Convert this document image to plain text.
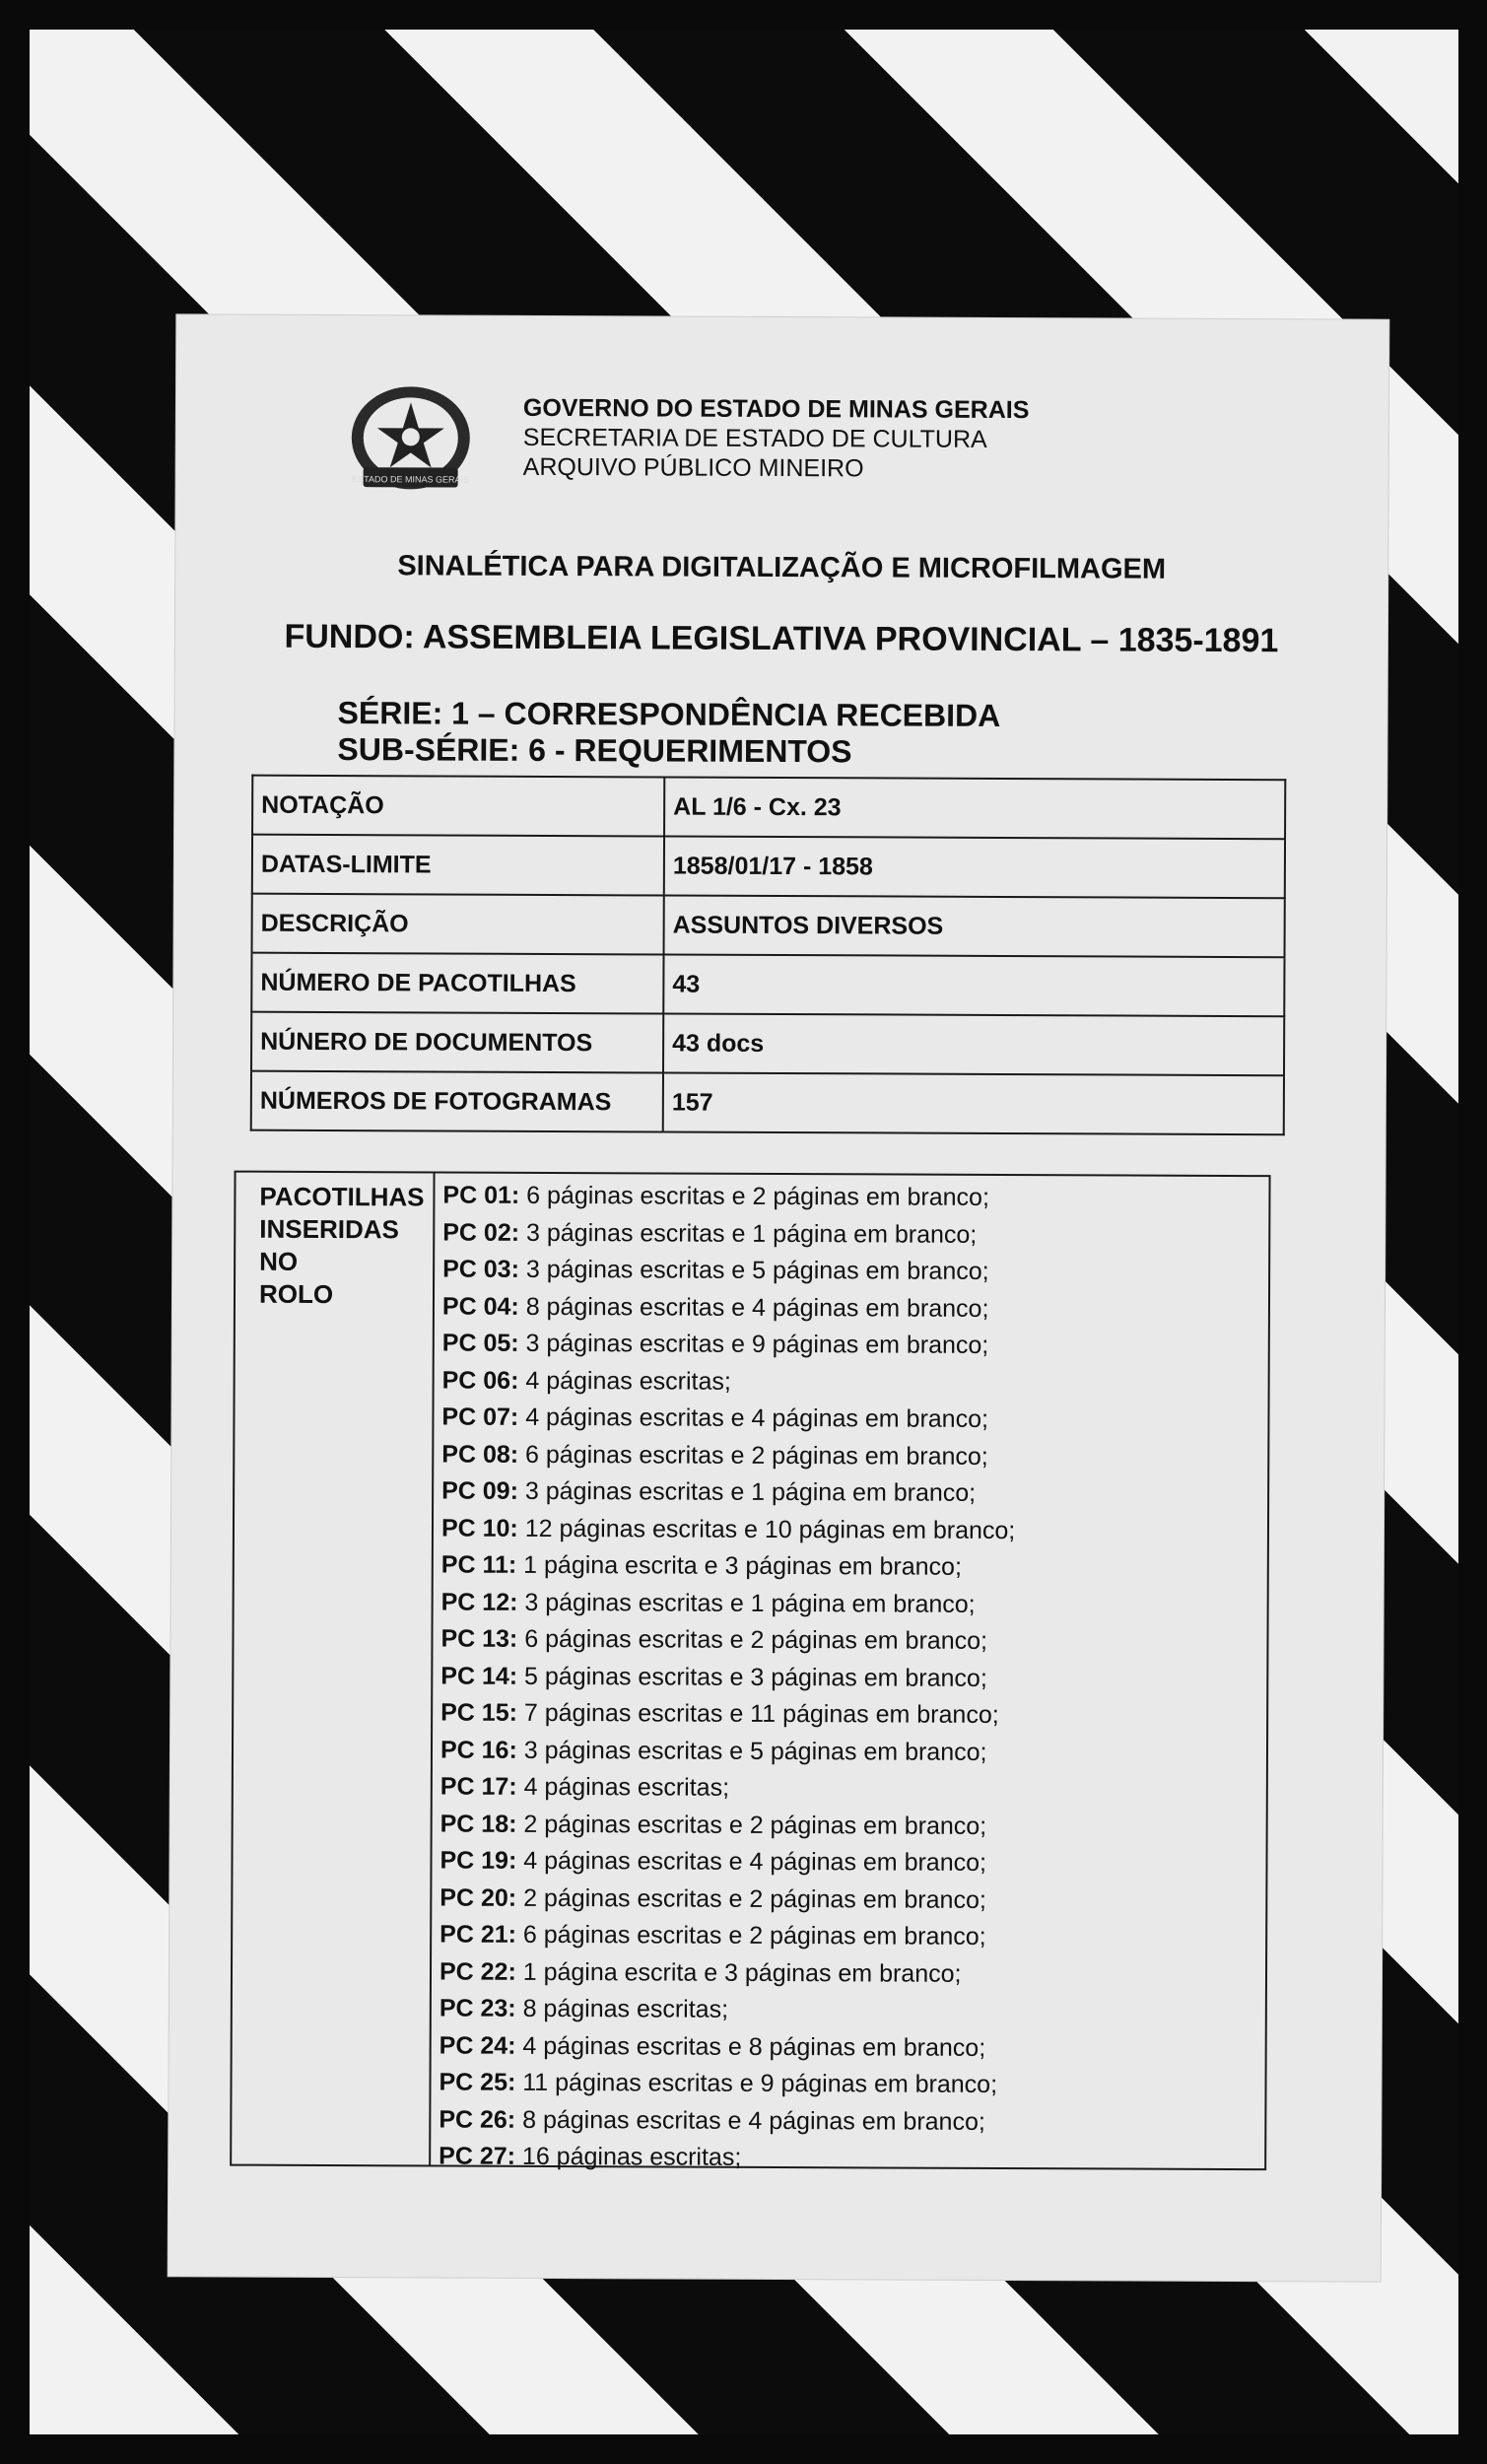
ESTADO DE MINAS GERAIS
GOVERNO DO ESTADO DE MINAS GERAIS
SECRETARIA DE ESTADO DE CULTURA
ARQUIVO PÚBLICO MINEIRO
SINALÉTICA PARA DIGITALIZAÇÃO E MICROFILMAGEM
FUNDO: ASSEMBLEIA LEGISLATIVA PROVINCIAL – 1835-1891
SÉRIE: 1 – CORRESPONDÊNCIA RECEBIDA
SUB-SÉRIE: 6 - REQUERIMENTOS
NOTAÇÃO	AL 1/6 - Cx. 23
DATAS-LIMITE	1858/01/17 - 1858
DESCRIÇÃO	ASSUNTOS DIVERSOS
NÚMERO DE PACOTILHAS	43
NÚNERO DE DOCUMENTOS	43 docs
NÚMEROS DE FOTOGRAMAS	157
PACOTILHAS
INSERIDAS NO
ROLO
PC 01: 6 páginas escritas e 2 páginas em branco;
PC 02: 3 páginas escritas e 1 página em branco;
PC 03: 3 páginas escritas e 5 páginas em branco;
PC 04: 8 páginas escritas e 4 páginas em branco;
PC 05: 3 páginas escritas e 9 páginas em branco;
PC 06: 4 páginas escritas;
PC 07: 4 páginas escritas e 4 páginas em branco;
PC 08: 6 páginas escritas e 2 páginas em branco;
PC 09: 3 páginas escritas e 1 página em branco;
PC 10: 12 páginas escritas e 10 páginas em branco;
PC 11: 1 página escrita e 3 páginas em branco;
PC 12: 3 páginas escritas e 1 página em branco;
PC 13: 6 páginas escritas e 2 páginas em branco;
PC 14: 5 páginas escritas e 3 páginas em branco;
PC 15: 7 páginas escritas e 11 páginas em branco;
PC 16: 3 páginas escritas e 5 páginas em branco;
PC 17: 4 páginas escritas;
PC 18: 2 páginas escritas e 2 páginas em branco;
PC 19: 4 páginas escritas e 4 páginas em branco;
PC 20: 2 páginas escritas e 2 páginas em branco;
PC 21: 6 páginas escritas e 2 páginas em branco;
PC 22: 1 página escrita e 3 páginas em branco;
PC 23: 8 páginas escritas;
PC 24: 4 páginas escritas e 8 páginas em branco;
PC 25: 11 páginas escritas e 9 páginas em branco;
PC 26: 8 páginas escritas e 4 páginas em branco;
PC 27: 16 páginas escritas;
